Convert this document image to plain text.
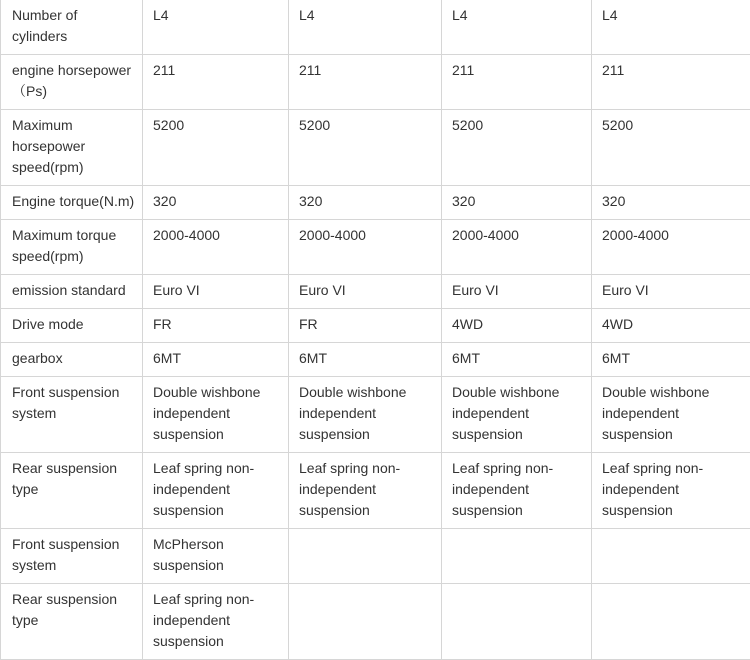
Number of cylinders	L4	L4	L4	L4
engine horsepower（Ps)	211	211	211	211
Maximum horsepower speed(rpm)	5200	5200	5200	5200
Engine torque(N.m)	320	320	320	320
Maximum torque speed(rpm)	2000-4000	2000-4000	2000-4000	2000-4000
emission standard	Euro VI	Euro VI	Euro VI	Euro VI
Drive mode	FR	FR	4WD	4WD
gearbox	6MT	6MT	6MT	6MT
Front suspension system	Double wishbone independent suspension	Double wishbone independent suspension	Double wishbone independent suspension	Double wishbone independent suspension
Rear suspension type	Leaf spring non-independent suspension	Leaf spring non-independent suspension	Leaf spring non-independent suspension	Leaf spring non-independent suspension
Front suspension system	McPherson suspension			
Rear suspension type	Leaf spring non-independent suspension			
